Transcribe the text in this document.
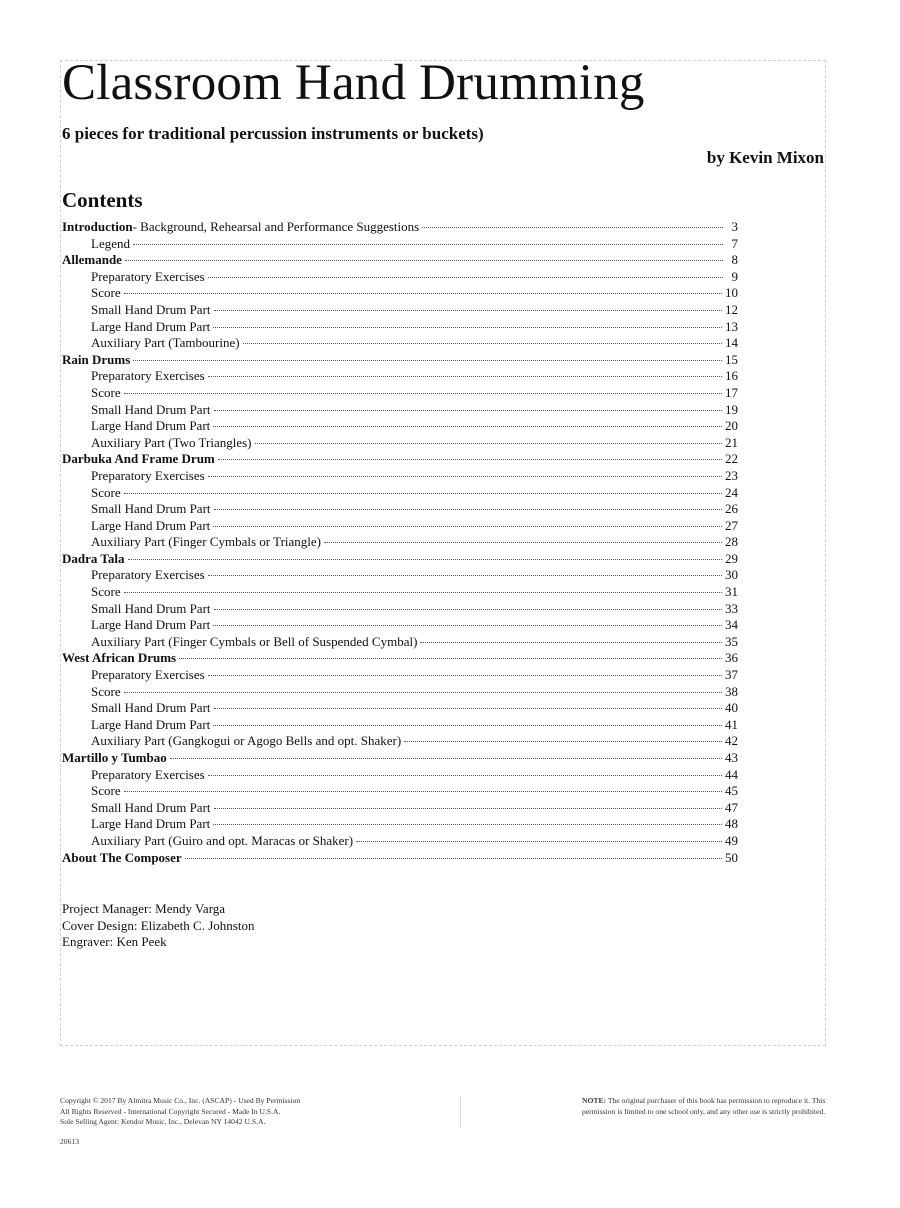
Classroom Hand Drumming

6 pieces for traditional percussion instruments or buckets)

by Kevin Mixon

Contents
Introduction - Background, Rehearsal and Performance Suggestions	3
Legend	7
Allemande	8
Preparatory Exercises	9
Score	10
Small Hand Drum Part	12
Large Hand Drum Part	13
Auxiliary Part (Tambourine)	14
Rain Drums	15
Preparatory Exercises	16
Score	17
Small Hand Drum Part	19
Large Hand Drum Part	20
Auxiliary Part (Two Triangles)	21
Darbuka And Frame Drum	22
Preparatory Exercises	23
Score	24
Small Hand Drum Part	26
Large Hand Drum Part	27
Auxiliary Part (Finger Cymbals or Triangle)	28
Dadra Tala	29
Preparatory Exercises	30
Score	31
Small Hand Drum Part	33
Large Hand Drum Part	34
Auxiliary Part (Finger Cymbals or Bell of Suspended Cymbal)	35
West African Drums	36
Preparatory Exercises	37
Score	38
Small Hand Drum Part	40
Large Hand Drum Part	41
Auxiliary Part (Gangkogui or Agogo Bells and opt. Shaker)	42
Martillo y Tumbao	43
Preparatory Exercises	44
Score	45
Small Hand Drum Part	47
Large Hand Drum Part	48
Auxiliary Part (Guiro and opt. Maracas or Shaker)	49
About The Composer	50
Project Manager: Mendy Varga
Cover Design: Elizabeth C. Johnston
Engraver: Ken Peek
Copyright © 2017 By Almitra Music Co., Inc. (ASCAP) - Used By Permission
All Rights Reserved - International Copyright Secured - Made In U.S.A.
Sole Selling Agent: Kendor Music, Inc., Delevan NY 14042 U.S.A.
20613

NOTE: The original purchaser of this book has permission to reproduce it. This permission is limited to one school only, and any other use is strictly prohibited.
